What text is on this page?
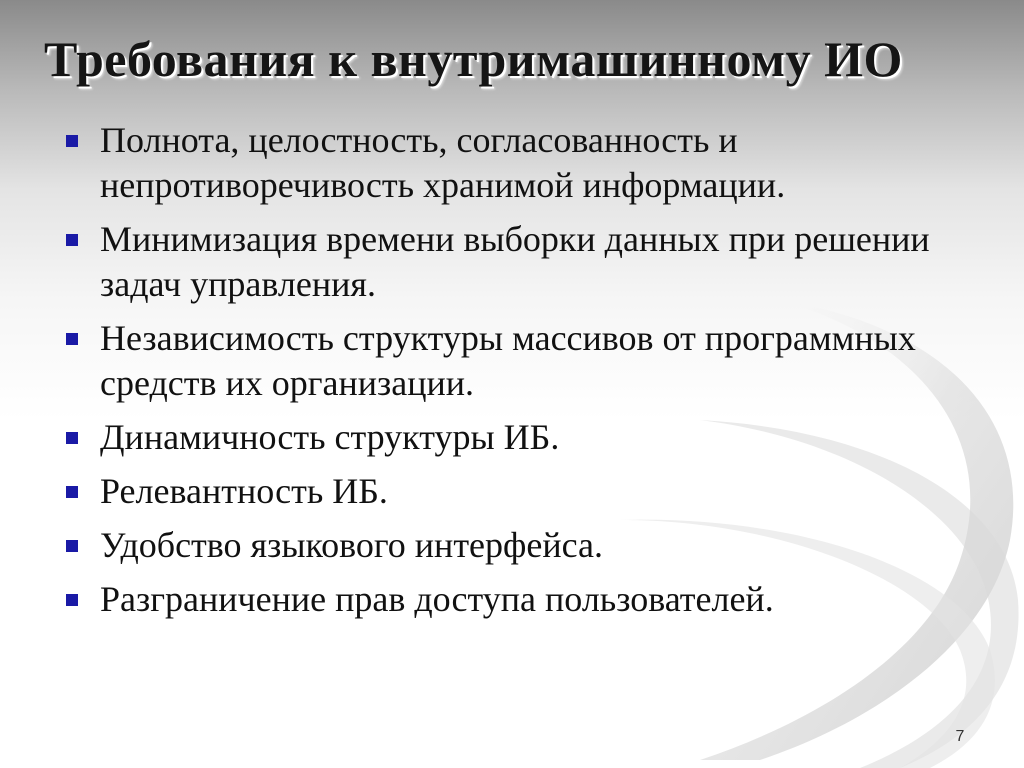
Требования к внутримашинному ИО
Полнота, целостность, согласованность и непротиворечивость хранимой информации.
Минимизация времени выборки данных при решении задач управления.
Независимость структуры массивов от программных средств их организации.
Динамичность структуры ИБ.
Релевантность ИБ.
Удобство языкового интерфейса.
Разграничение прав доступа пользователей.
7
